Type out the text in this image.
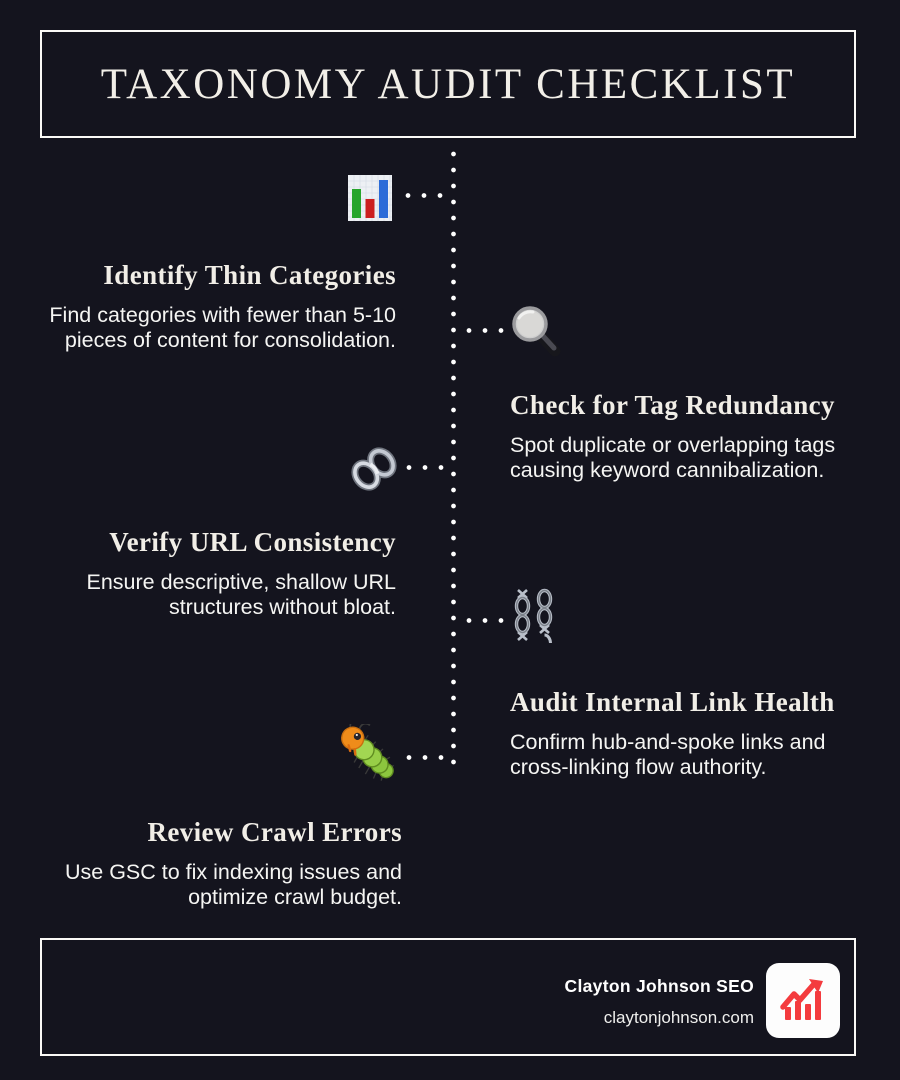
TAXONOMY AUDIT CHECKLIST
Identify Thin Categories
Find categories with fewer than 5-10
pieces of content for consolidation.
Check for Tag Redundancy
Spot duplicate or overlapping tags
causing keyword cannibalization.
Verify URL Consistency
Ensure descriptive, shallow URL
structures without bloat.
Audit Internal Link Health
Confirm hub-and-spoke links and
cross-linking flow authority.
Review Crawl Errors
Use GSC to fix indexing issues and
optimize crawl budget.
Clayton Johnson SEO
claytonjohnson.com
